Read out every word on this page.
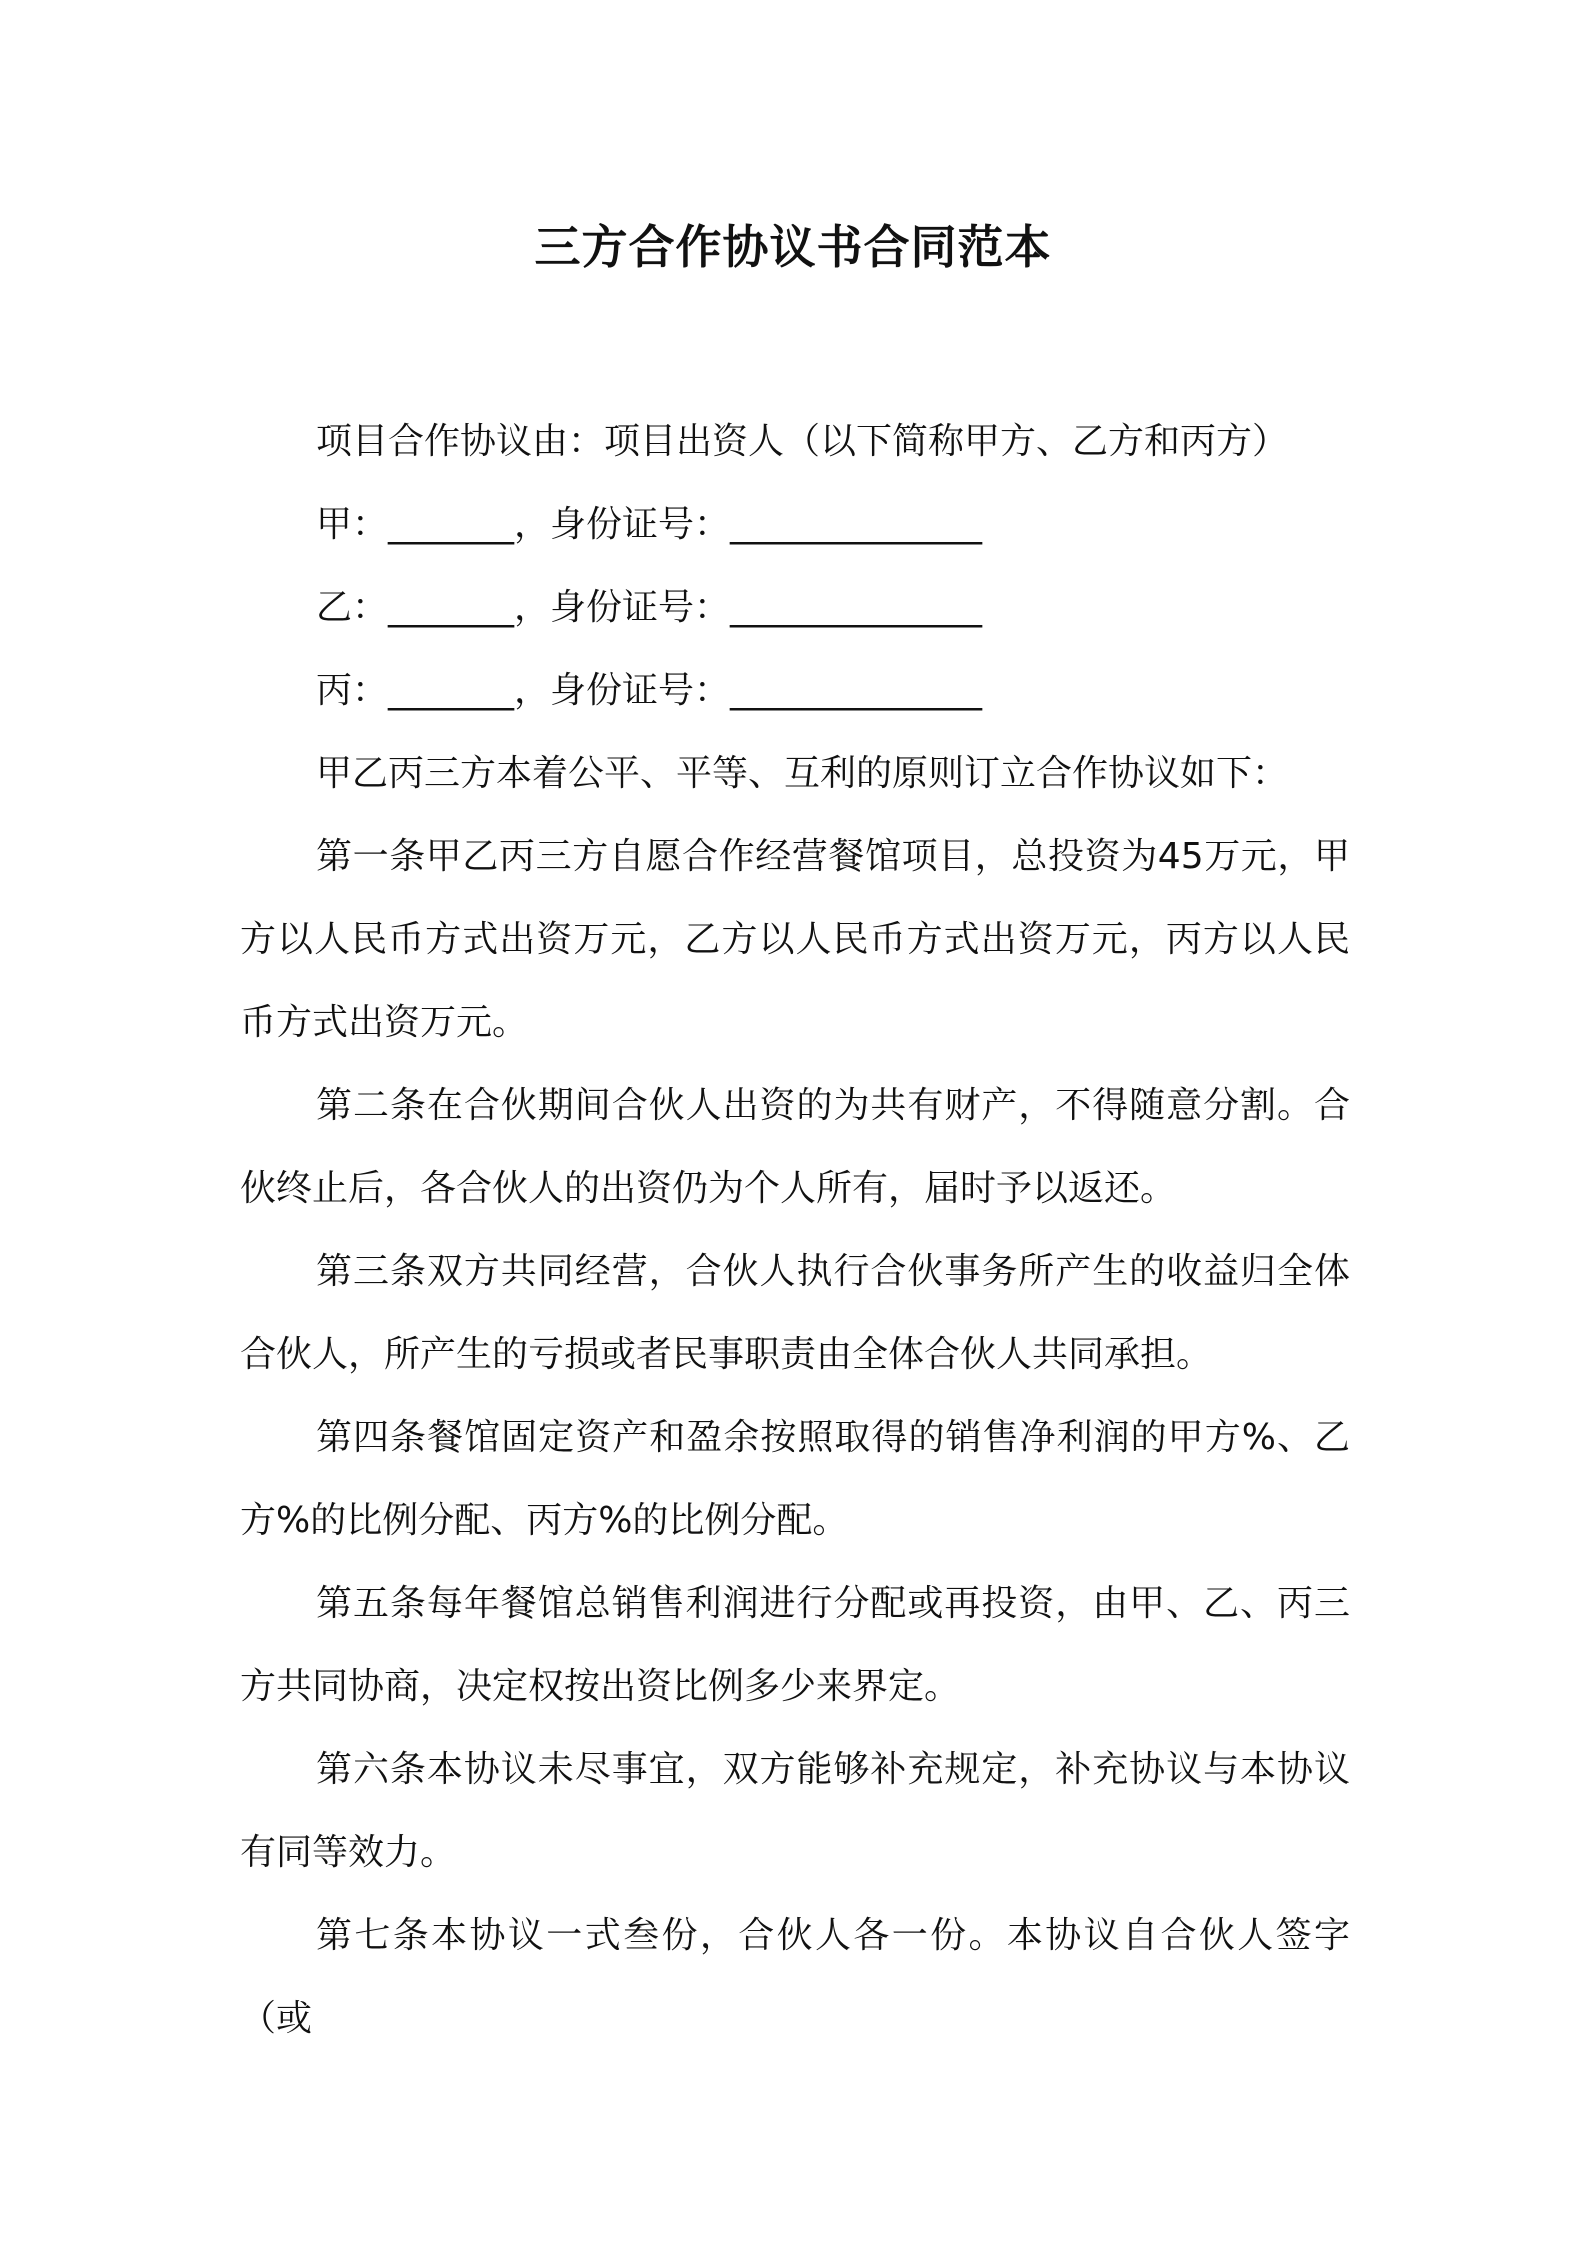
三方合作协议书合同范本
项目合作协议由：项目出资人（以下简称甲方、乙方和丙方）
甲：_______，身份证号：______________
乙：_______，身份证号：______________
丙：_______，身份证号：______________
甲乙丙三方本着公平、平等、互利的原则订立合作协议如下：

第一条甲乙丙三方自愿合作经营餐馆项目，总投资为45万元，甲方以人民币方式出资万元，乙方以人民币方式出资万元，丙方以人民币方式出资万元。

第二条在合伙期间合伙人出资的为共有财产，不得随意分割。合伙终止后，各合伙人的出资仍为个人所有，届时予以返还。

第三条双方共同经营，合伙人执行合伙事务所产生的收益归全体合伙人，所产生的亏损或者民事职责由全体合伙人共同承担。

第四条餐馆固定资产和盈余按照取得的销售净利润的甲方%、乙方%的比例分配、丙方%的比例分配。

第五条每年餐馆总销售利润进行分配或再投资，由甲、乙、丙三方共同协商，决定权按出资比例多少来界定。

第六条本协议未尽事宜，双方能够补充规定，补充协议与本协议有同等效力。

第七条本协议一式叁份，合伙人各一份。本协议自合伙人签字（或
